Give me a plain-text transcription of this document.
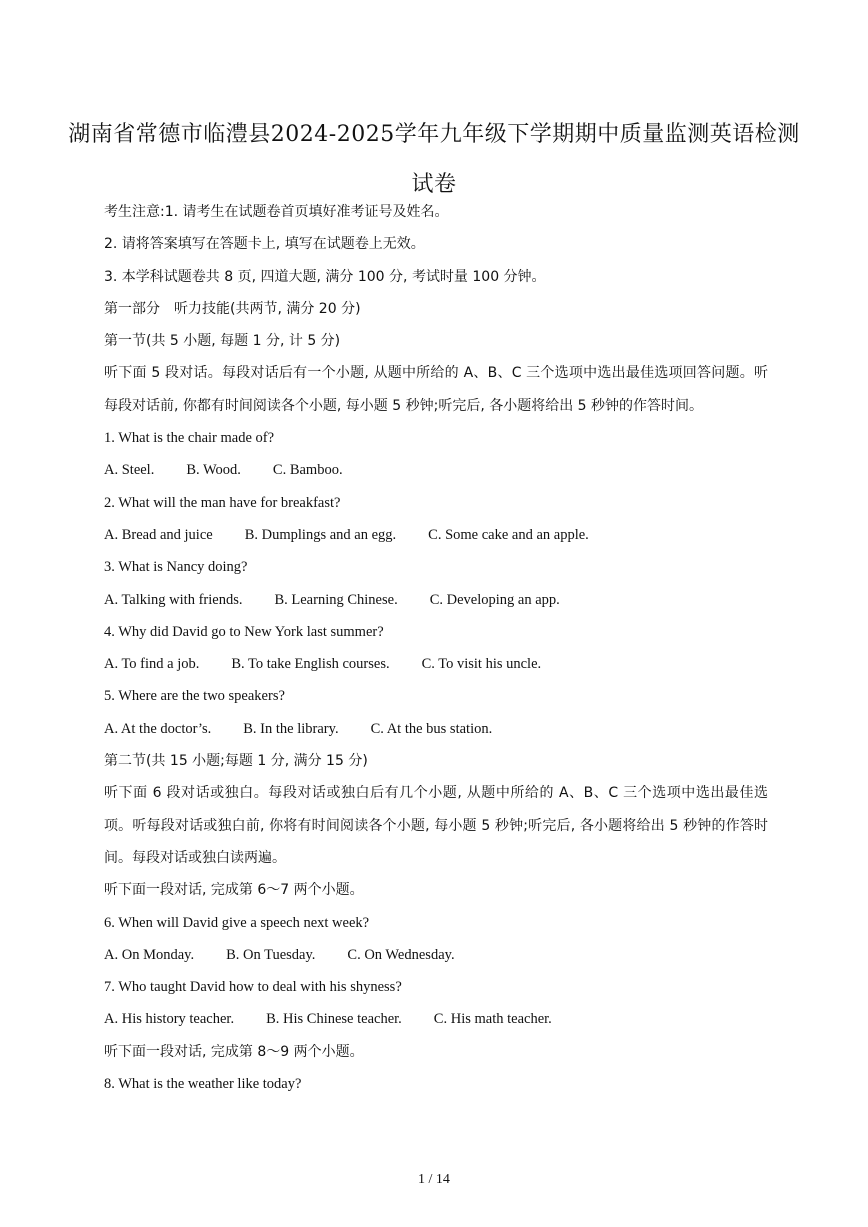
湖南省常德市临澧县2024-2025学年九年级下学期期中质量监测英语检测试卷
考生注意:1. 请考生在试题卷首页填好准考证号及姓名。
2. 请将答案填写在答题卡上, 填写在试题卷上无效。
3. 本学科试题卷共 8 页, 四道大题, 满分 100 分, 考试时量 100 分钟。
第一部分　听力技能(共两节, 满分 20 分)
第一节(共 5 小题, 每题 1 分, 计 5 分)
听下面 5 段对话。每段对话后有一个小题, 从题中所给的 A、B、C 三个选项中选出最佳选项回答问题。听每段对话前, 你都有时间阅读各个小题, 每小题 5 秒钟;听完后, 各小题将给出 5 秒钟的作答时间。
1. What is the chair made of?
A. Steel. B. Wood. C. Bamboo.
2. What will the man have for breakfast?
A. Bread and juice B. Dumplings and an egg. C. Some cake and an apple.
3. What is Nancy doing?
A. Talking with friends. B. Learning Chinese. C. Developing an app.
4. Why did David go to New York last summer?
A. To find a job. B. To take English courses. C. To visit his uncle.
5. Where are the two speakers?
A. At the doctor’s. B. In the library. C. At the bus station.
第二节(共 15 小题;每题 1 分, 满分 15 分)
听下面 6 段对话或独白。每段对话或独白后有几个小题, 从题中所给的 A、B、C 三个选项中选出最佳选项。听每段对话或独白前, 你将有时间阅读各个小题, 每小题 5 秒钟;听完后, 各小题将给出 5 秒钟的作答时间。每段对话或独白读两遍。
听下面一段对话, 完成第 6～7 两个小题。
6. When will David give a speech next week?
A. On Monday. B. On Tuesday. C. On Wednesday.
7. Who taught David how to deal with his shyness?
A. His history teacher. B. His Chinese teacher. C. His math teacher.
听下面一段对话, 完成第 8～9 两个小题。
8. What is the weather like today?
1 / 14
